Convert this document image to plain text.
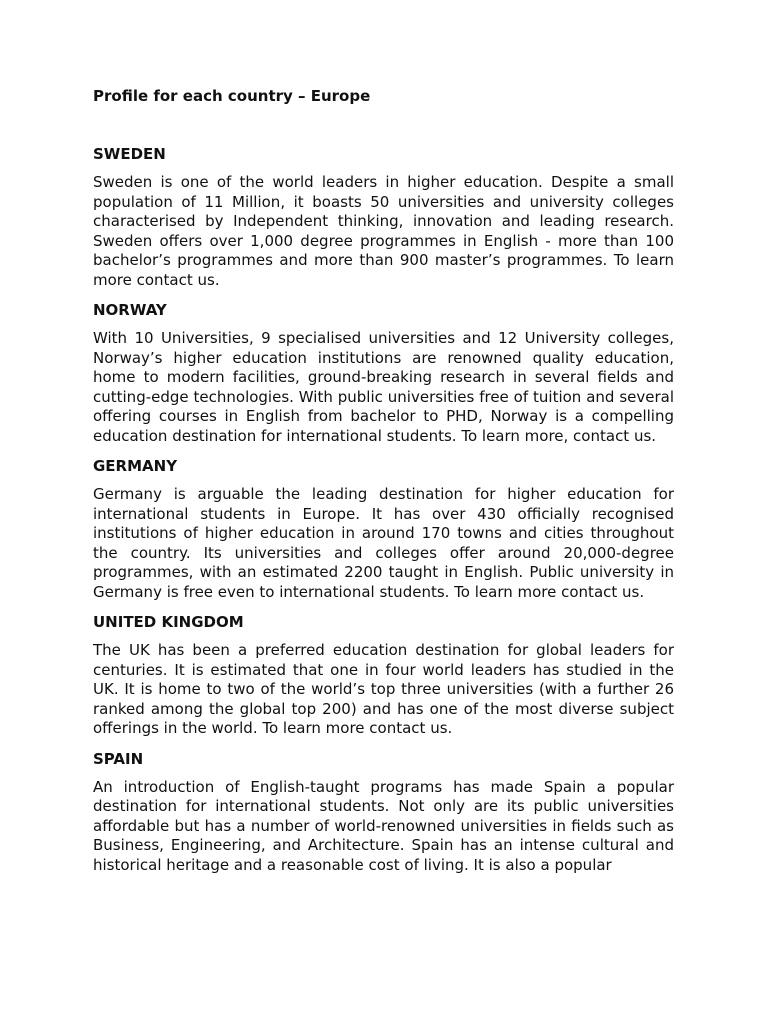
Profile for each country – Europe
SWEDEN

Sweden is one of the world leaders in higher education. Despite a small population of 11 Million, it boasts 50 universities and university colleges characterised by Independent thinking, innovation and leading research. Sweden offers over 1,000 degree programmes in English - more than 100 bachelor’s programmes and more than 900 master’s programmes. To learn more contact us.

NORWAY

With 10 Universities, 9 specialised universities and 12 University colleges, Norway’s higher education institutions are renowned quality education, home to modern facilities, ground-breaking research in several fields and cutting-edge technologies. With public universities free of tuition and several offering courses in English from bachelor to PHD, Norway is a compelling education destination for international students. To learn more, contact us.

GERMANY

Germany is arguable the leading destination for higher education for international students in Europe. It has over 430 officially recognised institutions of higher education in around 170 towns and cities throughout the country. Its universities and colleges offer around 20,000-degree programmes, with an estimated 2200 taught in English. Public university in Germany is free even to international students. To learn more contact us.

UNITED KINGDOM

The UK has been a preferred education destination for global leaders for centuries. It is estimated that one in four world leaders has studied in the UK. It is home to two of the world’s top three universities (with a further 26 ranked among the global top 200) and has one of the most diverse subject offerings in the world. To learn more contact us.

SPAIN

An introduction of English-taught programs has made Spain a popular destination for international students. Not only are its public universities affordable but has a number of world-renowned universities in fields such as Business, Engineering, and Architecture. Spain has an intense cultural and historical heritage and a reasonable cost of living. It is also a popular
